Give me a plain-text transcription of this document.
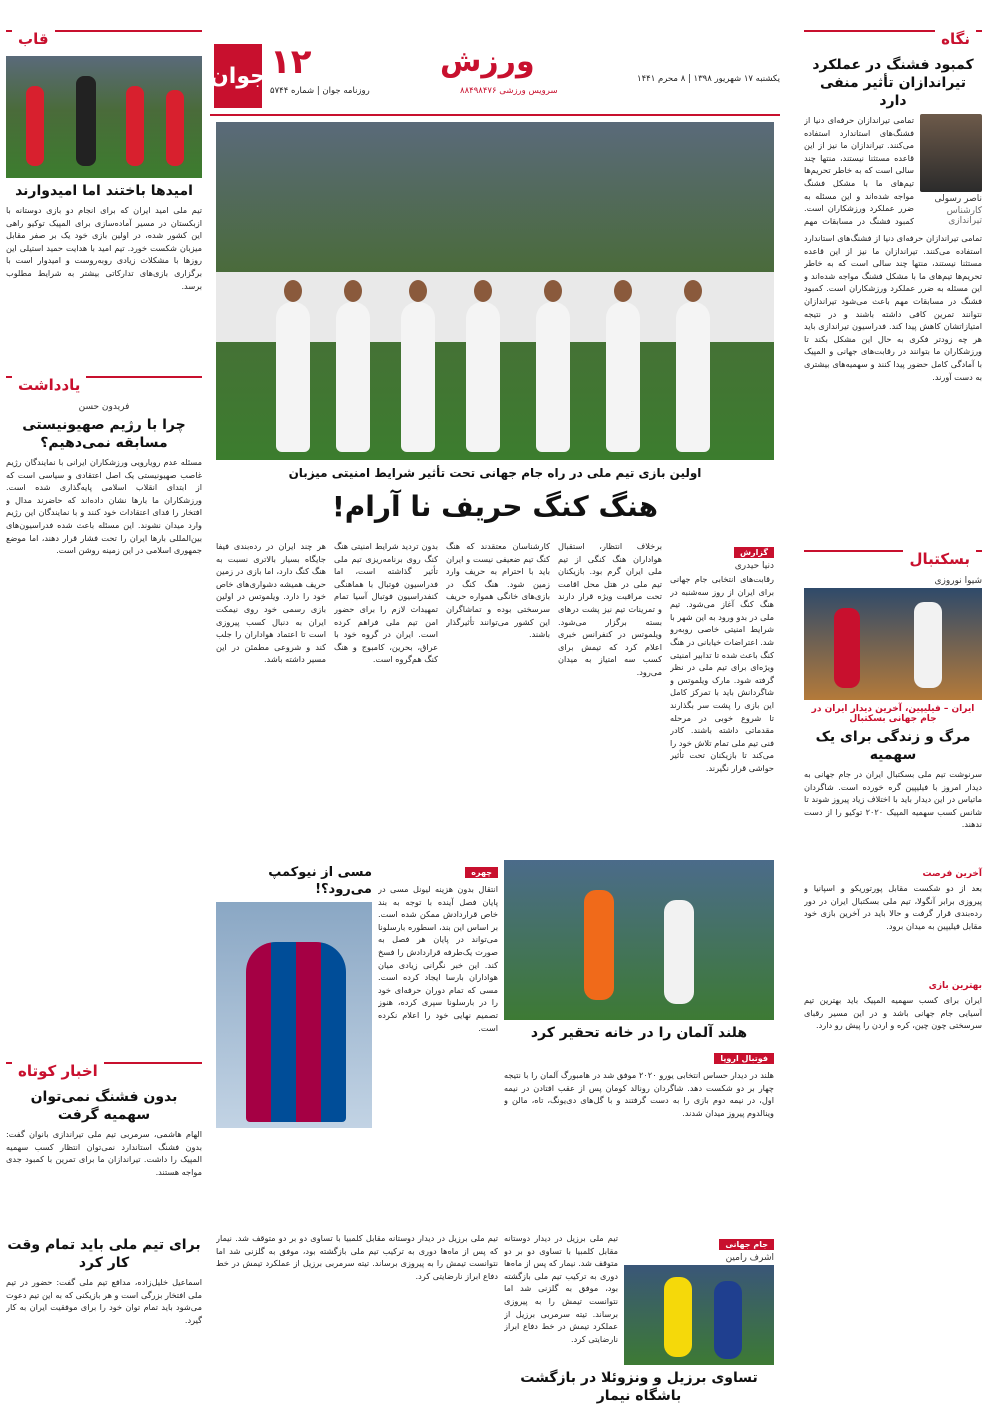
نگاه
کمبود فشنگ در عملکرد تیراندازان تأثیر منفی دارد
ناصر رسولی
کارشناس تیراندازی
تمامی تیراندازان حرفه‌ای دنیا از فشنگ‌های استاندارد استفاده می‌کنند. تیراندازان ما نیز از این قاعده مستثنا نیستند، منتها چند سالی است که به خاطر تحریم‌ها تیم‌های ما با مشکل فشنگ مواجه شده‌اند و این مسئله به ضرر عملکرد ورزشکاران است. کمبود فشنگ در مسابقات مهم
تمامی تیراندازان حرفه‌ای دنیا از فشنگ‌های استاندارد استفاده می‌کنند. تیراندازان ما نیز از این قاعده مستثنا نیستند، منتها چند سالی است که به خاطر تحریم‌ها تیم‌های ما با مشکل فشنگ مواجه شده‌اند و این مسئله به ضرر عملکرد ورزشکاران است. کمبود فشنگ در مسابقات مهم باعث می‌شود تیراندازان نتوانند تمرین کافی داشته باشند و در نتیجه امتیازاتشان کاهش پیدا کند. فدراسیون تیراندازی باید هر چه زودتر فکری به حال این مشکل بکند تا ورزشکاران ما بتوانند در رقابت‌های جهانی و المپیک با آمادگی کامل حضور پیدا کنند و سهمیه‌های بیشتری به دست آورند.
بسکتبال
شیوا نوروزی
ایران – فیلیپین، آخرین دیدار ایران در جام جهانی بسکتبال
مرگ و زندگی برای یک سهمیه
سرنوشت تیم ملی بسکتبال ایران در جام جهانی به دیدار امروز با فیلیپین گره خورده است. شاگردان ماتیاس در این دیدار باید با اختلاف زیاد پیروز شوند تا شانس کسب سهمیه المپیک ۲۰۲۰ توکیو را از دست ندهند.
آخرین فرصت
بعد از دو شکست مقابل پورتوریکو و اسپانیا و پیروزی برابر آنگولا، تیم ملی بسکتبال ایران در دور رده‌بندی قرار گرفت و حالا باید در آخرین بازی خود مقابل فیلیپین به میدان برود.
بهترین بازی
ایران برای کسب سهمیه المپیک باید بهترین تیم آسیایی جام جهانی باشد و در این مسیر رقبای سرسختی چون چین، کره و اردن را پیش رو دارد.
جوان ۱۲	ورزش	یکشنبه ۱۷ شهریور ۱۳۹۸ | ۸ محرم ۱۴۴۱
روزنامه جوان | شماره ۵۷۴۴	سرویس ورزشی ۸۸۴۹۸۴۷۶
اولین بازی تیم ملی در راه جام جهانی تحت تأثیر شرایط امنیتی میزبان
هنگ کنگ حریف نا آرام!
گزارش
دنیا حیدری
رقابت‌های انتخابی جام جهانی برای ایران از روز سه‌شنبه در هنگ کنگ آغاز می‌شود. تیم ملی در بدو ورود به این شهر با شرایط امنیتی خاصی روبه‌رو شد. اعتراضات خیابانی در هنگ کنگ باعث شده تا تدابیر امنیتی ویژه‌ای برای تیم ملی در نظر گرفته شود. مارک ویلموتس و شاگردانش باید با تمرکز کامل این بازی را پشت سر بگذارند تا شروع خوبی در مرحله مقدماتی داشته باشند. کادر فنی تیم ملی تمام تلاش خود را می‌کند تا بازیکنان تحت تأثیر حواشی قرار نگیرند.
برخلاف انتظار، استقبال هواداران هنگ کنگی از تیم ملی ایران گرم بود. بازیکنان تیم ملی در هتل محل اقامت تحت مراقبت ویژه قرار دارند و تمرینات تیم نیز پشت درهای بسته برگزار می‌شود. ویلموتس در کنفرانس خبری اعلام کرد که تیمش برای کسب سه امتیاز به میدان می‌رود.
کارشناسان معتقدند که هنگ کنگ تیم ضعیفی نیست و ایران باید با احترام به حریف وارد زمین شود. هنگ کنگ در بازی‌های خانگی همواره حریف سرسختی بوده و تماشاگران این کشور می‌توانند تأثیرگذار باشند.
بدون تردید شرایط امنیتی هنگ کنگ روی برنامه‌ریزی تیم ملی تأثیر گذاشته است، اما فدراسیون فوتبال با هماهنگی کنفدراسیون فوتبال آسیا تمام تمهیدات لازم را برای حضور امن تیم ملی فراهم کرده است. ایران در گروه خود با عراق، بحرین، کامبوج و هنگ کنگ هم‌گروه است.
هر چند ایران در رده‌بندی فیفا جایگاه بسیار بالاتری نسبت به هنگ کنگ دارد، اما بازی در زمین حریف همیشه دشواری‌های خاص خود را دارد. ویلموتس در اولین بازی رسمی خود روی نیمکت ایران به دنبال کسب پیروزی است تا اعتماد هواداران را جلب کند و شروعی مطمئن در این مسیر داشته باشد.
هلند آلمان را در خانه تحقیر کرد
فوتبال اروپا
هلند در دیدار حساس انتخابی یورو ۲۰۲۰ موفق شد در هامبورگ آلمان را با نتیجه چهار بر دو شکست دهد. شاگردان رونالد کومان پس از عقب افتادن در نیمه اول، در نیمه دوم بازی را به دست گرفتند و با گل‌های دی‌یونگ، تاه، مالن و وینالدوم پیروز میدان شدند.
چهره
انتقال بدون هزینه لیونل مسی در پایان فصل آینده با توجه به بند خاص قراردادش ممکن شده است. بر اساس این بند، اسطوره بارسلونا می‌تواند در پایان هر فصل به صورت یک‌طرفه قراردادش را فسخ کند. این خبر نگرانی زیادی میان هواداران بارسا ایجاد کرده است. مسی که تمام دوران حرفه‌ای خود را در بارسلونا سپری کرده، هنوز تصمیم نهایی خود را اعلام نکرده است.
مسی از نیوکمپ می‌رود؟!
جام جهانی
اشرف رامین
تیم ملی برزیل در دیدار دوستانه مقابل کلمبیا با تساوی دو بر دو متوقف شد. نیمار که پس از ماه‌ها دوری به ترکیب تیم ملی بازگشته بود، موفق به گلزنی شد اما نتوانست تیمش را به پیروزی برساند. تیته سرمربی برزیل از عملکرد تیمش در خط دفاع ابراز نارضایتی کرد.
تساوی برزیل و ونزوئلا در بازگشت باشگاه نیمار
تیم ملی برزیل در دیدار دوستانه مقابل کلمبیا با تساوی دو بر دو متوقف شد. نیمار که پس از ماه‌ها دوری به ترکیب تیم ملی بازگشته بود، موفق به گلزنی شد اما نتوانست تیمش را به پیروزی برساند. تیته سرمربی برزیل از عملکرد تیمش در خط دفاع ابراز نارضایتی کرد.
قاب
امیدها باختند اما امیدوارند
تیم ملی امید ایران که برای انجام دو بازی دوستانه با ازبکستان در مسیر آماده‌سازی برای المپیک توکیو راهی این کشور شده، در اولین بازی خود یک بر صفر مقابل میزبان شکست خورد. تیم امید با هدایت حمید استیلی این روزها با مشکلات زیادی روبه‌روست و امیدوار است با برگزاری بازی‌های تدارکاتی بیشتر به شرایط مطلوب برسد.
یادداشت
فریدون حسن
چرا با رژیم صهیونیستی مسابقه نمی‌دهیم؟
مسئله عدم رویارویی ورزشکاران ایرانی با نمایندگان رژیم غاصب صهیونیستی یک اصل اعتقادی و سیاسی است که از ابتدای انقلاب اسلامی پایه‌گذاری شده است. ورزشکاران ما بارها نشان داده‌اند که حاضرند مدال و افتخار را فدای اعتقادات خود کنند و با نمایندگان این رژیم وارد میدان نشوند. این مسئله باعث شده فدراسیون‌های بین‌المللی بارها ایران را تحت فشار قرار دهند، اما موضع جمهوری اسلامی در این زمینه روشن است.
اخبار کوتاه
بدون فشنگ نمی‌توان سهمیه گرفت
الهام هاشمی، سرمربی تیم ملی تیراندازی بانوان گفت: بدون فشنگ استاندارد نمی‌توان انتظار کسب سهمیه المپیک را داشت. تیراندازان ما برای تمرین با کمبود جدی مواجه هستند.
برای تیم ملی باید تمام وقت کار کرد
اسماعیل خلیل‌زاده، مدافع تیم ملی گفت: حضور در تیم ملی افتخار بزرگی است و هر بازیکنی که به این تیم دعوت می‌شود باید تمام توان خود را برای موفقیت ایران به کار گیرد.
